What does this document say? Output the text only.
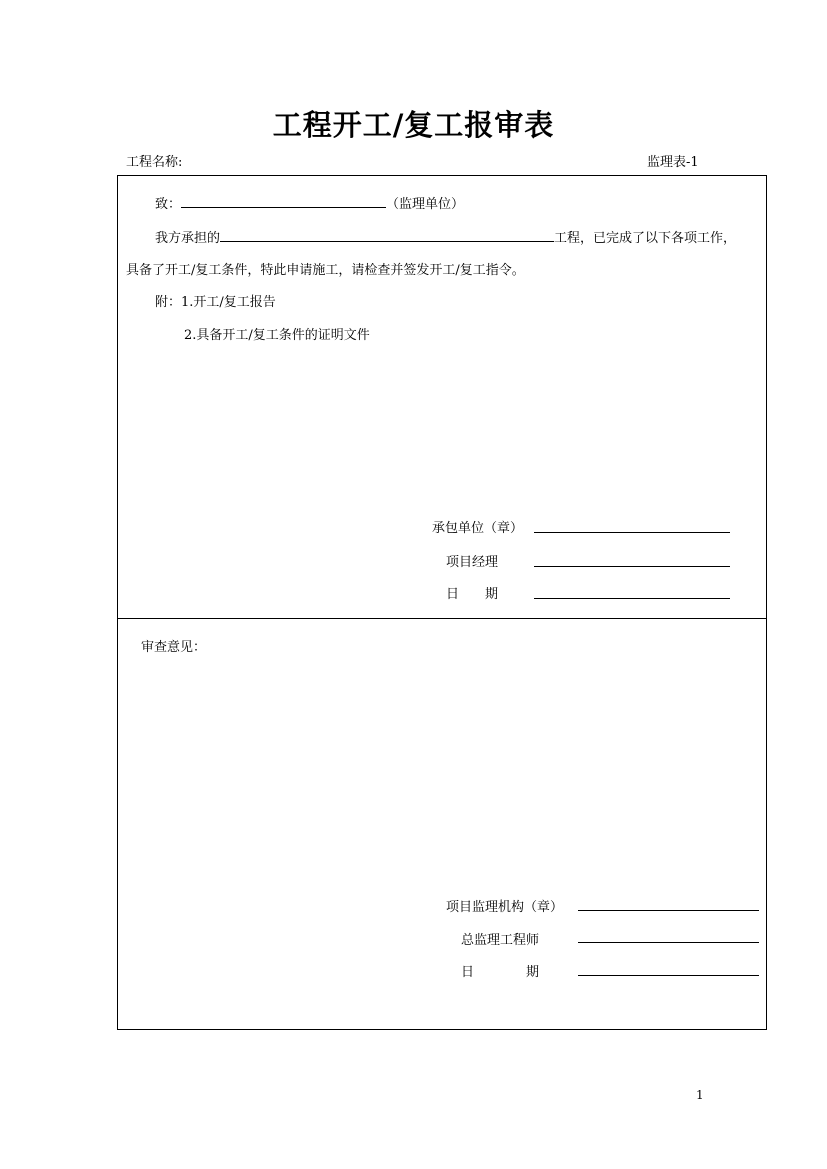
工程开工/复工报审表
工程名称:	监理表-1
致：	（监理单位）
我方承担的	工程，已完成了以下各项工作，
具备了开工/复工条件，特此申请施工，请检查并签发开工/复工指令。
附：1.开工/复工报告
2.具备开工/复工条件的证明文件
承包单位（章）
项目经理
日　　期
审查意见：
项目监理机构（章）
总监理工程师
日　　　　期
1
